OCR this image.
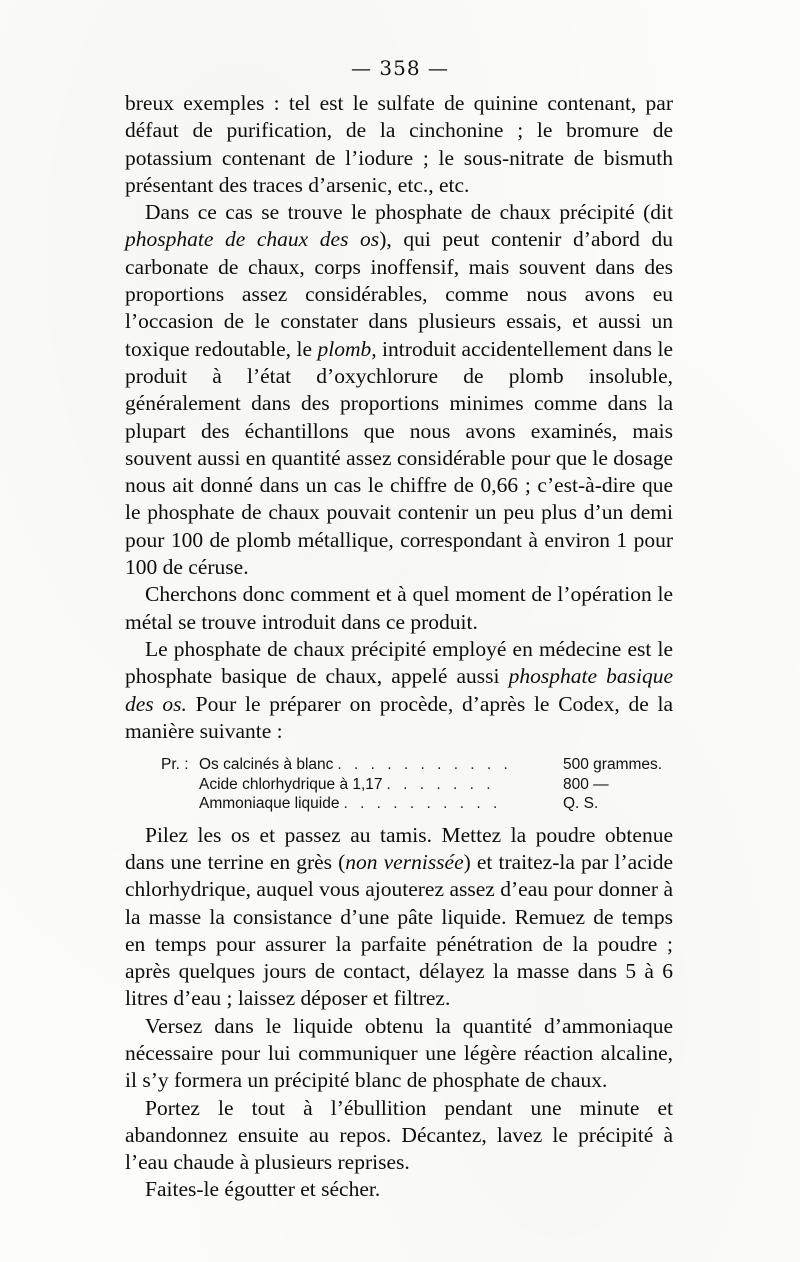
— 358 —

breux exemples : tel est le sulfate de quinine contenant, par défaut de purification, de la cinchonine ; le bromure de potassium contenant de l’iodure ; le sous-nitrate de bismuth présentant des traces d’arsenic, etc., etc.

Dans ce cas se trouve le phosphate de chaux précipité (dit phosphate de chaux des os), qui peut contenir d’abord du carbonate de chaux, corps inoffensif, mais souvent dans des proportions assez considérables, comme nous avons eu l’occasion de le constater dans plusieurs essais, et aussi un toxique redoutable, le plomb, introduit accidentellement dans le produit à l’état d’oxychlorure de plomb insoluble, généralement dans des proportions minimes comme dans la plupart des échantillons que nous avons examinés, mais souvent aussi en quantité assez considérable pour que le dosage nous ait donné dans un cas le chiffre de 0,66 ; c’est-à-dire que le phosphate de chaux pouvait contenir un peu plus d’un demi pour 100 de plomb métallique, correspondant à environ 1 pour 100 de céruse.

Cherchons donc comment et à quel moment de l’opération le métal se trouve introduit dans ce produit.

Le phosphate de chaux précipité employé en médecine est le phosphate basique de chaux, appelé aussi phosphate basique des os. Pour le préparer on procède, d’après le Codex, de la manière suivante :

Pr. : Os calcinés à blanc . . . . . . . . . . .	500 grammes.
Acide chlorhydrique à 1,17 . . . . . . .	800 —
Ammoniaque liquide . . . . . . . . . .	Q. S.

Pilez les os et passez au tamis. Mettez la poudre obtenue dans une terrine en grès (non vernissée) et traitez-la par l’acide chlorhydrique, auquel vous ajouterez assez d’eau pour donner à la masse la consistance d’une pâte liquide. Remuez de temps en temps pour assurer la parfaite pénétration de la poudre ; après quelques jours de contact, délayez la masse dans 5 à 6 litres d’eau ; laissez déposer et filtrez.

Versez dans le liquide obtenu la quantité d’ammoniaque nécessaire pour lui communiquer une légère réaction alcaline, il s’y formera un précipité blanc de phosphate de chaux.

Portez le tout à l’ébullition pendant une minute et abandonnez ensuite au repos. Décantez, lavez le précipité à l’eau chaude à plusieurs reprises.

Faites-le égoutter et sécher.
